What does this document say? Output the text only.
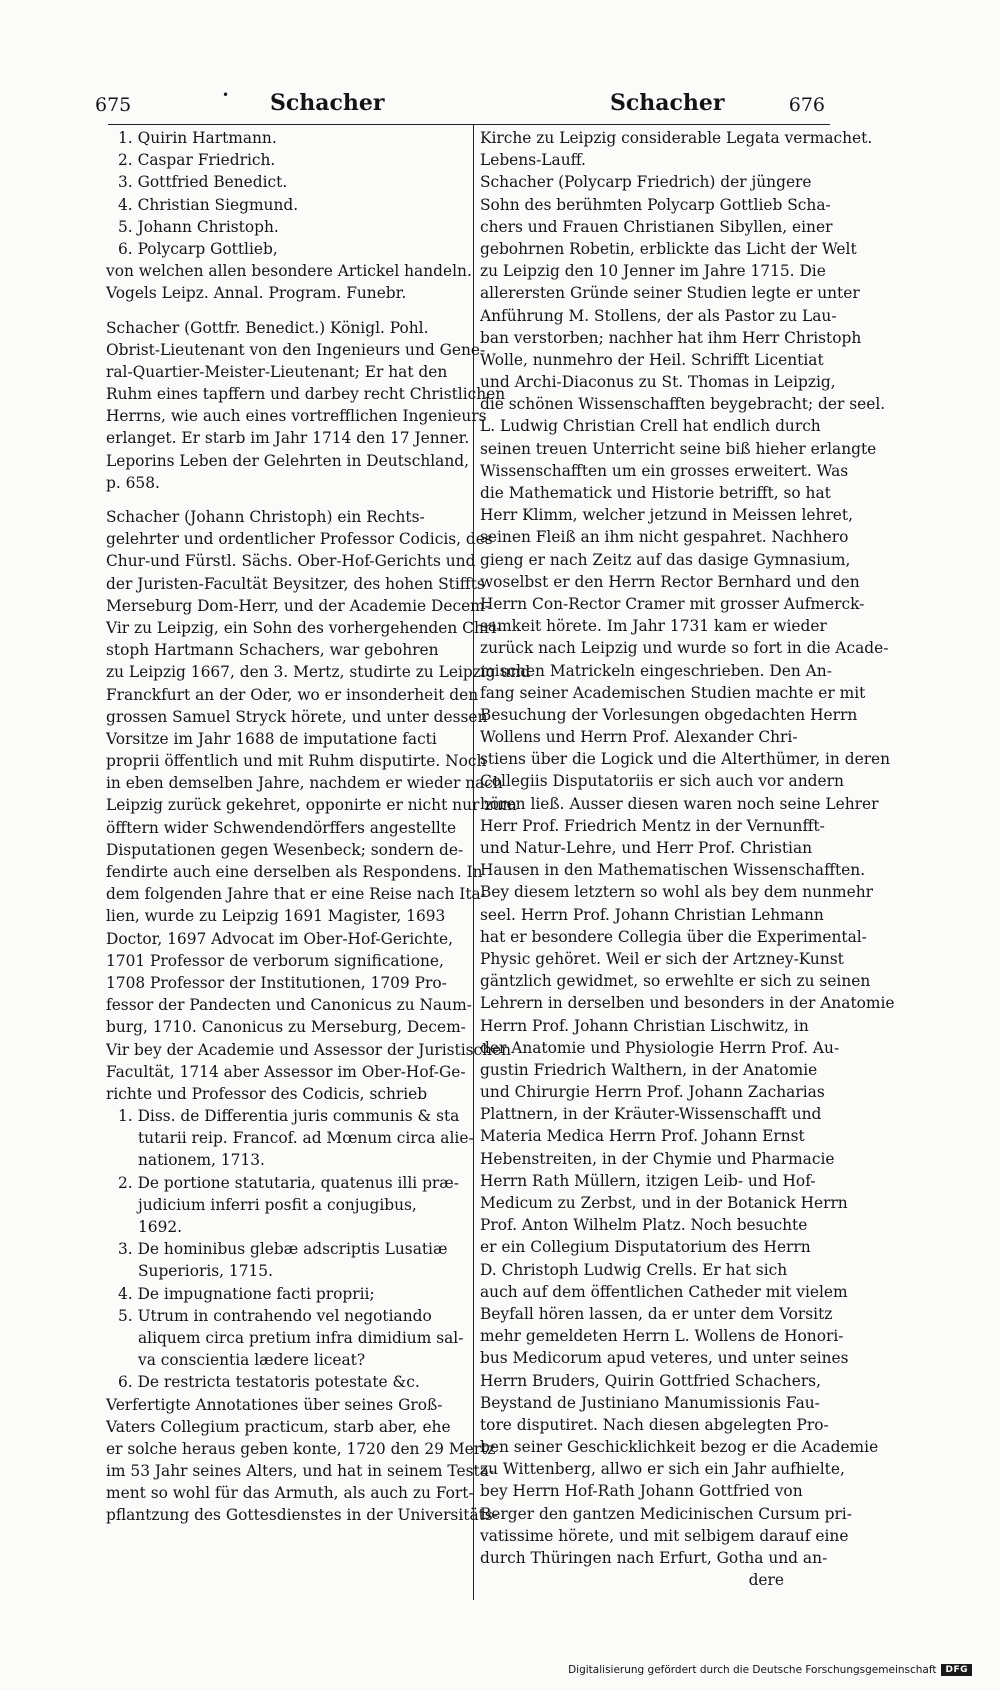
675	Schacher	Schacher	676
•
1. Quirin Hartmann.
2. Caspar Friedrich.
3. Gottfried Benedict.
4. Christian Siegmund.
5. Johann Christoph.
6. Polycarp Gottlieb,
von welchen allen besondere Artickel handeln.
Vogels Leipz. Annal. Program. Funebr.
Schacher (Gottfr. Benedict.) Königl. Pohl.
Obrist-Lieutenant von den Ingenieurs und Gene-
ral-Quartier-Meister-Lieutenant; Er hat den
Ruhm eines tapffern und darbey recht Christlichen
Herrns, wie auch eines vortrefflichen Ingenieurs
erlanget. Er starb im Jahr 1714 den 17 Jenner.
Leporins Leben der Gelehrten in Deutschland,
p. 658.
Schacher (Johann Christoph) ein Rechts-
gelehrter und ordentlicher Professor Codicis, des
Chur-und Fürstl. Sächs. Ober-Hof-Gerichts und
der Juristen-Facultät Beysitzer, des hohen Stiffts
Merseburg Dom-Herr, und der Academie Decem-
Vir zu Leipzig, ein Sohn des vorhergehenden Chri-
stoph Hartmann Schachers, war gebohren
zu Leipzig 1667, den 3. Mertz, studirte zu Leipzig und
Franckfurt an der Oder, wo er insonderheit den
grossen Samuel Stryck hörete, und unter dessen
Vorsitze im Jahr 1688 de imputatione facti
proprii öffentlich und mit Ruhm disputirte. Noch
in eben demselben Jahre, nachdem er wieder nach
Leipzig zurück gekehret, opponirte er nicht nur zum
öfftern wider Schwendendörffers angestellte
Disputationen gegen Wesenbeck; sondern de-
fendirte auch eine derselben als Respondens. In
dem folgenden Jahre that er eine Reise nach Ita-
lien, wurde zu Leipzig 1691 Magister, 1693
Doctor, 1697 Advocat im Ober-Hof-Gerichte,
1701 Professor de verborum significatione,
1708 Professor der Institutionen, 1709 Pro-
fessor der Pandecten und Canonicus zu Naum-
burg, 1710. Canonicus zu Merseburg, Decem-
Vir bey der Academie und Assessor der Juristischen
Facultät, 1714 aber Assessor im Ober-Hof-Ge-
richte und Professor des Codicis, schrieb
1. Diss. de Differentia juris communis & sta
tutarii reip. Francof. ad Mœnum circa alie-
nationem, 1713.
2. De portione statutaria, quatenus illi præ-
judicium inferri posfit a conjugibus,
1692.
3. De hominibus glebæ adscriptis Lusatiæ
Superioris, 1715.
4. De impugnatione facti proprii;
5. Utrum in contrahendo vel negotiando
aliquem circa pretium infra dimidium sal-
va conscientia lædere liceat?
6. De restricta testatoris potestate &c.
Verfertigte Annotationes über seines Groß-
Vaters Collegium practicum, starb aber, ehe
er solche heraus geben konte, 1720 den 29 Mertz
im 53 Jahr seines Alters, und hat in seinem Testa-
ment so wohl für das Armuth, als auch zu Fort-
pflantzung des Gottesdienstes in der Universitäts-
Kirche zu Leipzig considerable Legata vermachet.
Lebens-Lauff.
Schacher (Polycarp Friedrich) der jüngere
Sohn des berühmten Polycarp Gottlieb Scha-
chers und Frauen Christianen Sibyllen, einer
gebohrnen Robetin, erblickte das Licht der Welt
zu Leipzig den 10 Jenner im Jahre 1715. Die
allerersten Gründe seiner Studien legte er unter
Anführung M. Stollens, der als Pastor zu Lau-
ban verstorben; nachher hat ihm Herr Christoph
Wolle, nunmehro der Heil. Schrifft Licentiat
und Archi-Diaconus zu St. Thomas in Leipzig,
die schönen Wissenschafften beygebracht; der seel.
L. Ludwig Christian Crell hat endlich durch
seinen treuen Unterricht seine biß hieher erlangte
Wissenschafften um ein grosses erweitert. Was
die Mathematick und Historie betrifft, so hat
Herr Klimm, welcher jetzund in Meissen lehret,
seinen Fleiß an ihm nicht gespahret. Nachhero
gieng er nach Zeitz auf das dasige Gymnasium,
woselbst er den Herrn Rector Bernhard und den
Herrn Con-Rector Cramer mit grosser Aufmerck-
samkeit hörete. Im Jahr 1731 kam er wieder
zurück nach Leipzig und wurde so fort in die Acade-
mischen Matrickeln eingeschrieben. Den An-
fang seiner Academischen Studien machte er mit
Besuchung der Vorlesungen obgedachten Herrn
Wollens und Herrn Prof. Alexander Chri-
stiens über die Logick und die Alterthümer, in deren
Collegiis Disputatoriis er sich auch vor andern
hören ließ. Ausser diesen waren noch seine Lehrer
Herr Prof. Friedrich Mentz in der Vernunfft-
und Natur-Lehre, und Herr Prof. Christian
Hausen in den Mathematischen Wissenschafften.
Bey diesem letztern so wohl als bey dem nunmehr
seel. Herrn Prof. Johann Christian Lehmann
hat er besondere Collegia über die Experimental-
Physic gehöret. Weil er sich der Artzney-Kunst
gäntzlich gewidmet, so erwehlte er sich zu seinen
Lehrern in derselben und besonders in der Anatomie
Herrn Prof. Johann Christian Lischwitz, in
der Anatomie und Physiologie Herrn Prof. Au-
gustin Friedrich Walthern, in der Anatomie
und Chirurgie Herrn Prof. Johann Zacharias
Plattnern, in der Kräuter-Wissenschafft und
Materia Medica Herrn Prof. Johann Ernst
Hebenstreiten, in der Chymie und Pharmacie
Herrn Rath Müllern, itzigen Leib- und Hof-
Medicum zu Zerbst, und in der Botanick Herrn
Prof. Anton Wilhelm Platz. Noch besuchte
er ein Collegium Disputatorium des Herrn
D. Christoph Ludwig Crells. Er hat sich
auch auf dem öffentlichen Catheder mit vielem
Beyfall hören lassen, da er unter dem Vorsitz
mehr gemeldeten Herrn L. Wollens de Honori-
bus Medicorum apud veteres, und unter seines
Herrn Bruders, Quirin Gottfried Schachers,
Beystand de Justiniano Manumissionis Fau-
tore disputiret. Nach diesen abgelegten Pro-
ben seiner Geschicklichkeit bezog er die Academie
zu Wittenberg, allwo er sich ein Jahr aufhielte,
bey Herrn Hof-Rath Johann Gottfried von
Berger den gantzen Medicinischen Cursum pri-
vatissime hörete, und mit selbigem darauf eine
durch Thüringen nach Erfurt, Gotha und an-
dere
Digitalisierung gefördert durch die Deutsche Forschungsgemeinschaft	DFG
